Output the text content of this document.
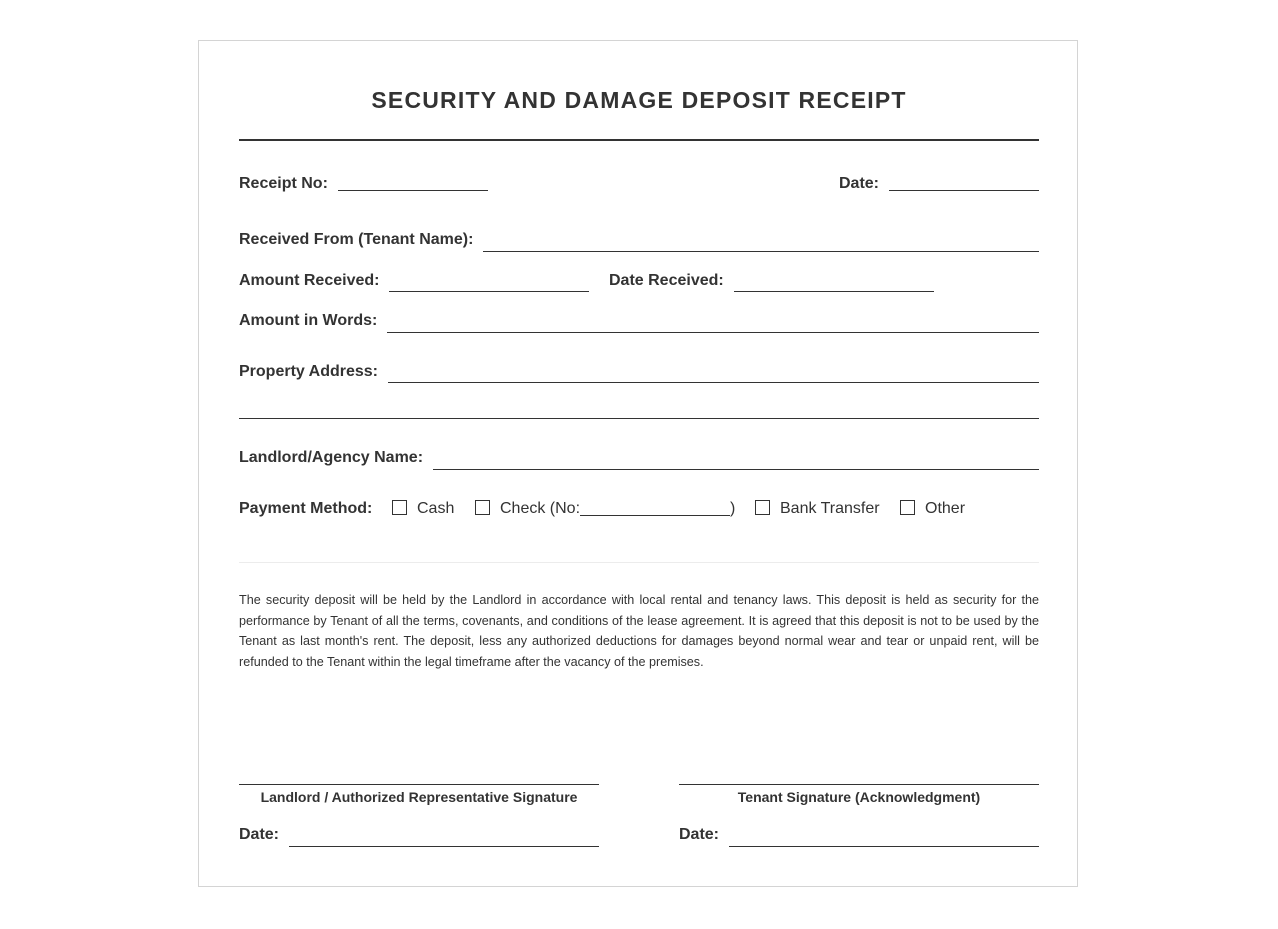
SECURITY AND DAMAGE DEPOSIT RECEIPT
Receipt No:	Date:
Received From (Tenant Name):
Amount Received:	Date Received:
Amount in Words:
Property Address:
Landlord/Agency Name:
Payment Method:	Cash	Check (No:	)	Bank Transfer	Other
The security deposit will be held by the Landlord in accordance with local rental and tenancy laws. This deposit is held as security for the performance by Tenant of all the terms, covenants, and conditions of the lease agreement. It is agreed that this deposit is not to be used by the Tenant as last month's rent. The deposit, less any authorized deductions for damages beyond normal wear and tear or unpaid rent, will be refunded to the Tenant within the legal timeframe after the vacancy of the premises.
Landlord / Authorized Representative Signature	Tenant Signature (Acknowledgment)
Date:	Date:
